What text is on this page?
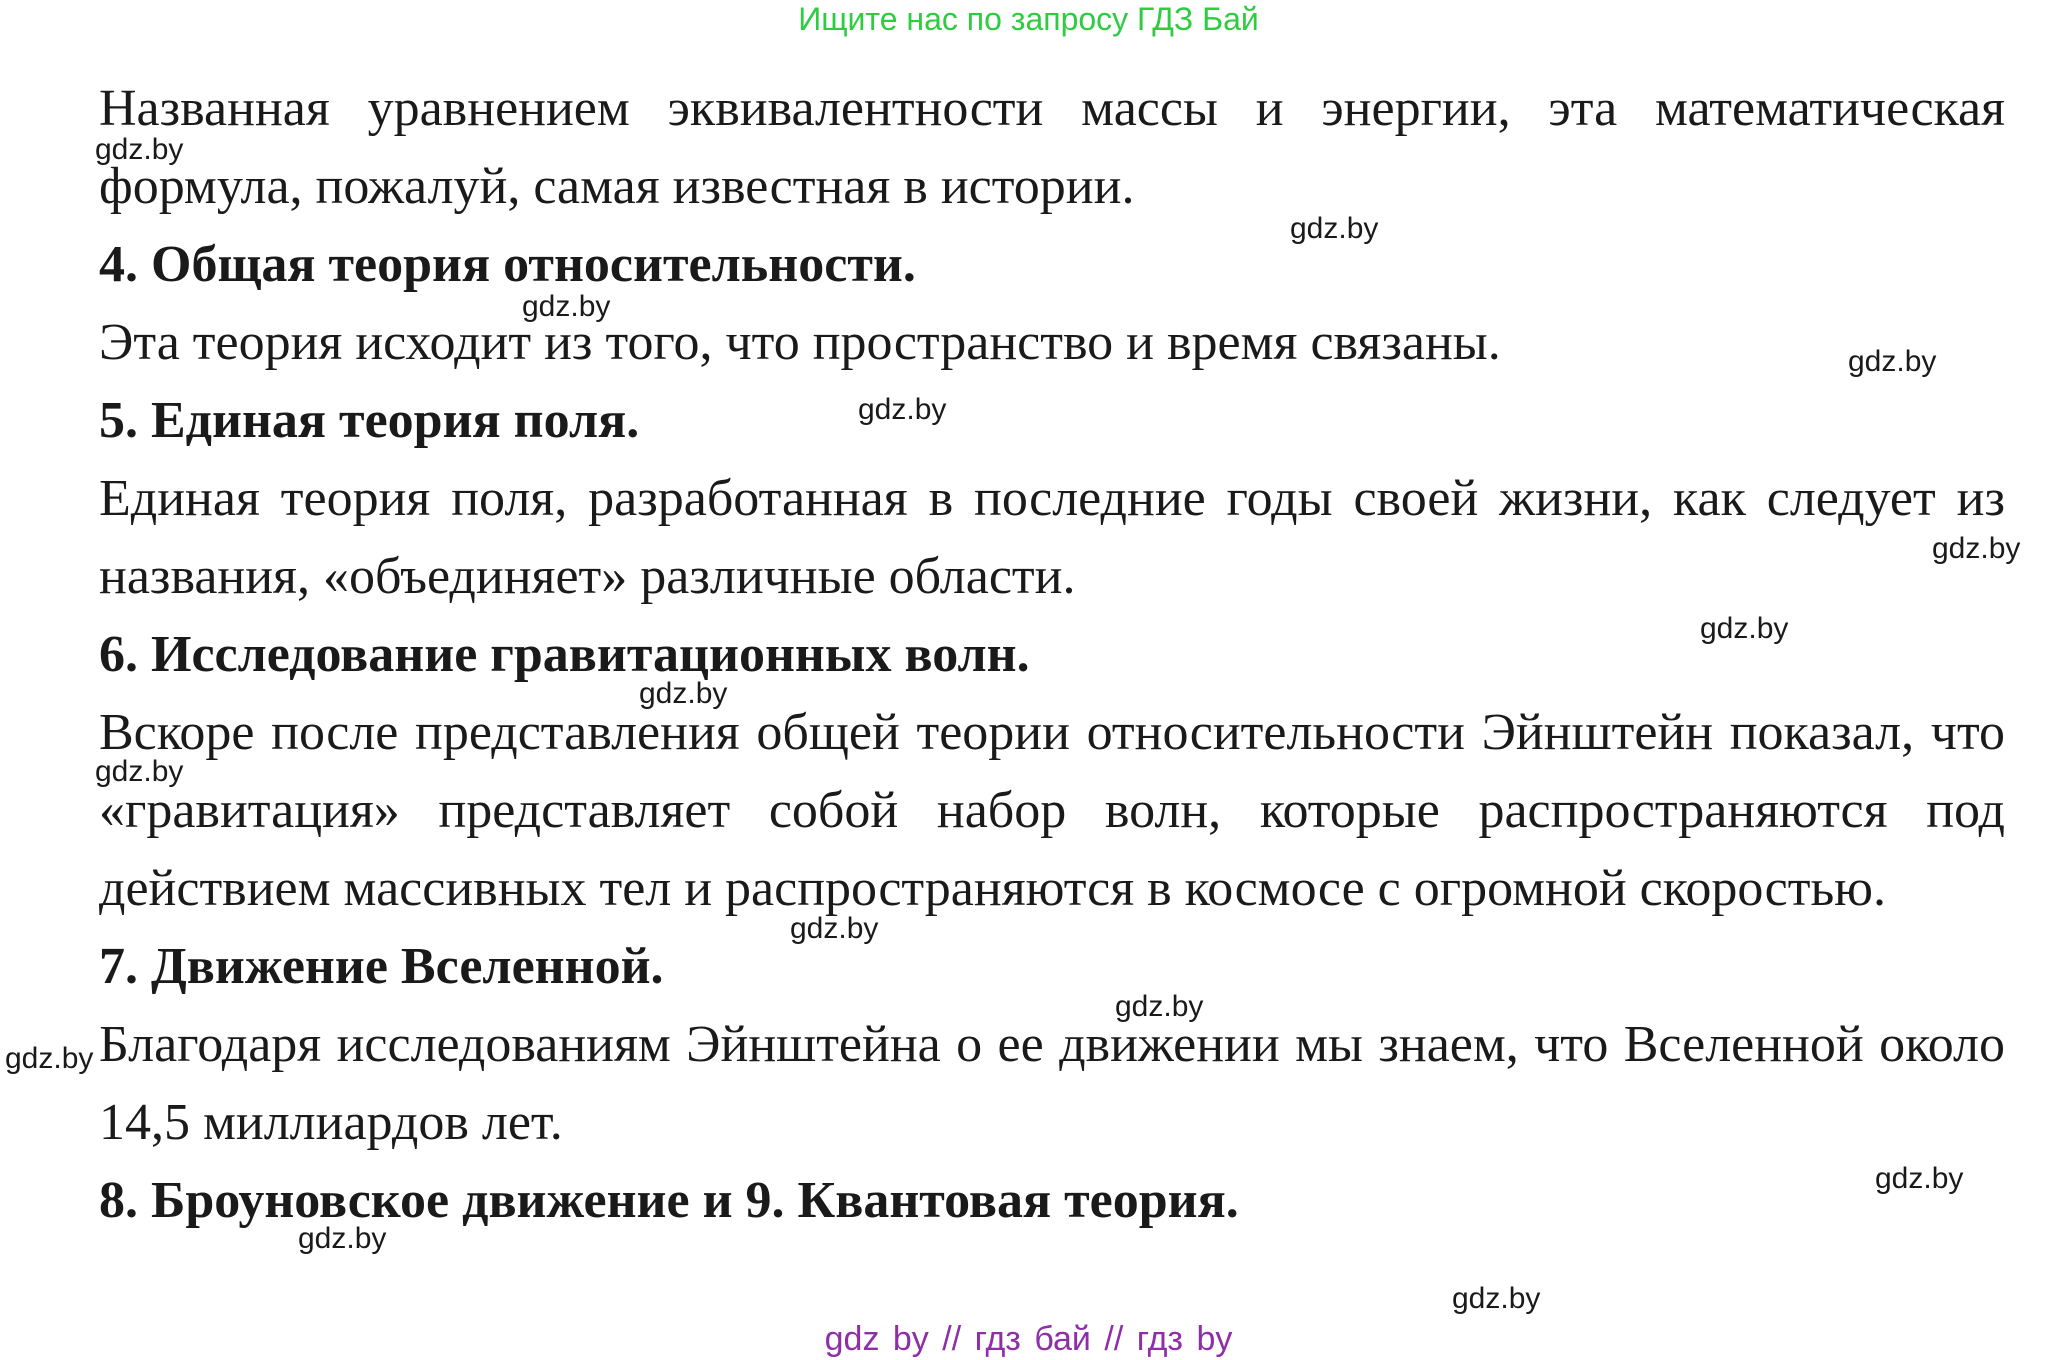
Ищите нас по запросу ГДЗ Бай

Названная уравнением эквивалентности массы и энергии, эта математическая формула, пожалуй, самая известная в истории.

4. Общая теория относительности.

Эта теория исходит из того, что пространство и время связаны.

5. Единая теория поля.

Единая теория поля, разработанная в последние годы своей жизни, как следует из названия, «объединяет» различные области.

6. Исследование гравитационных волн.

Вскоре после представления общей теории относительности Эйнштейн показал, что «гравитация» представляет собой набор волн, которые распространяются под действием массивных тел и распространяются в космосе с огромной скоростью.

7. Движение Вселенной.

Благодаря исследованиям Эйнштейна о ее движении мы знаем, что Вселенной около 14,5 миллиардов лет.

8. Броуновское движение и 9. Квантовая теория.

gdz.by
gdz.by
gdz.by
gdz.by
gdz.by
gdz.by
gdz.by
gdz.by
gdz.by
gdz.by
gdz.by
gdz.by
gdz.by
gdz.by
gdz.by
gdz by // гдз бай // гдз by
